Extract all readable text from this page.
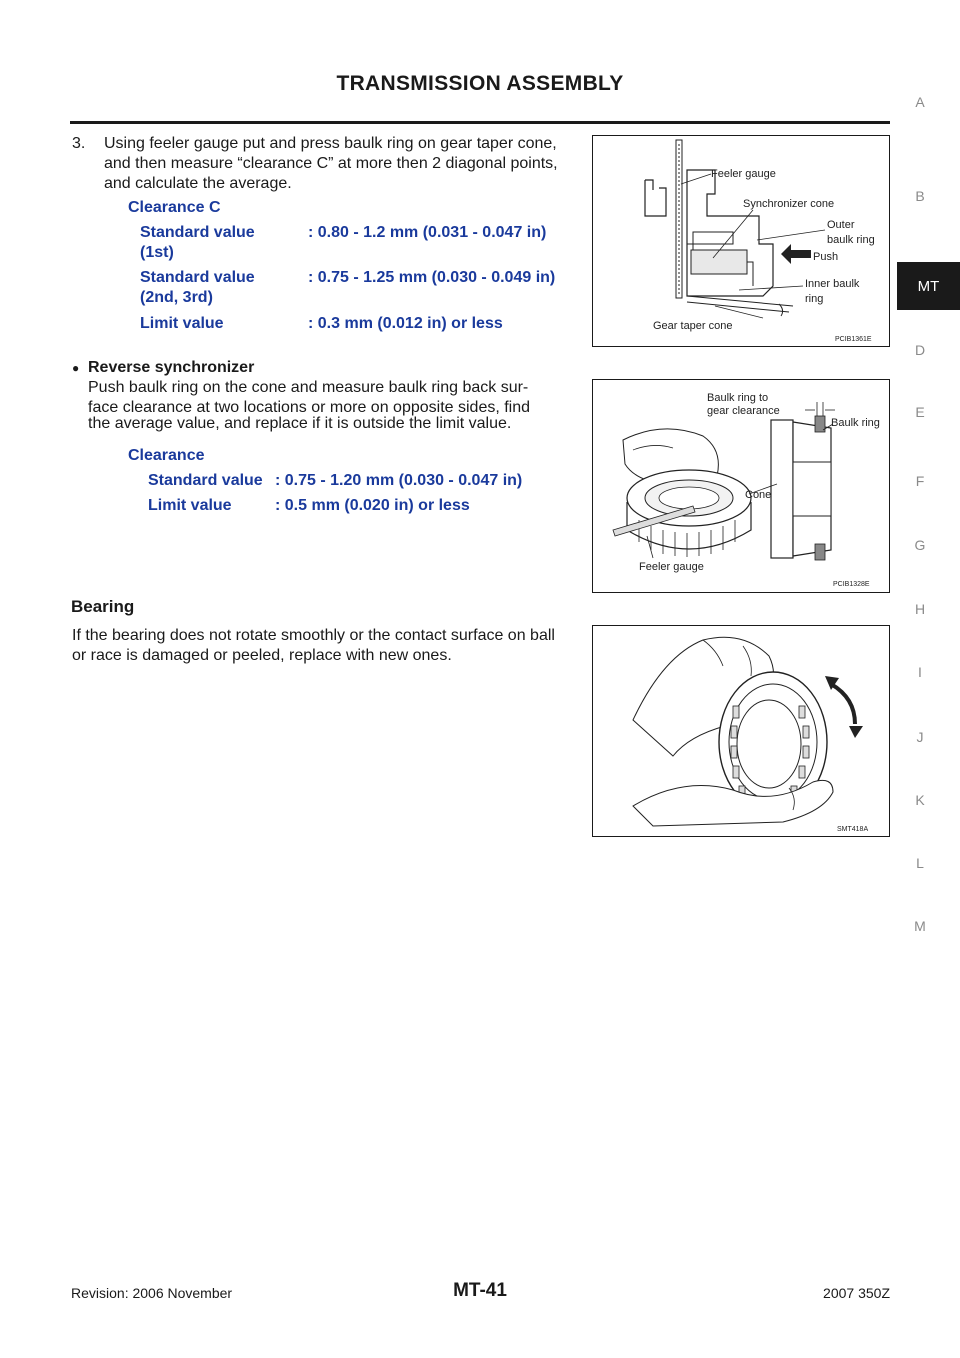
TRANSMISSION ASSEMBLY
A
B
MT
D
E
F
G
H
I
J
K
L
M
3. Using feeler gauge put and press baulk ring on gear taper cone,
and then measure “clearance C” at more then 2 diagonal points,
and calculate the average.
Clearance C
Standard value
(1st)
: 0.80 - 1.2 mm (0.031 - 0.047 in)
Standard value
(2nd, 3rd)
: 0.75 - 1.25 mm (0.030 - 0.049 in)
Limit value	: 0.3 mm (0.012 in) or less
Feeler gauge
Synchronizer cone
Outer
baulk ring
Push
Inner baulk
ring
Gear taper cone
PCIB1361E
● Reverse synchronizer
Push baulk ring on the cone and measure baulk ring back sur-
face clearance at two locations or more on opposite sides, find
the average value, and replace if it is outside the limit value.
Clearance
Standard value : 0.75 - 1.20 mm (0.030 - 0.047 in)
Limit value	: 0.5 mm (0.020 in) or less
Baulk ring to
gear clearance
Baulk ring
Cone
Feeler gauge
PCIB1328E
Bearing
If the bearing does not rotate smoothly or the contact surface on ball
or race is damaged or peeled, replace with new ones.
SMT418A
Revision: 2006 November	MT-41	2007 350Z
